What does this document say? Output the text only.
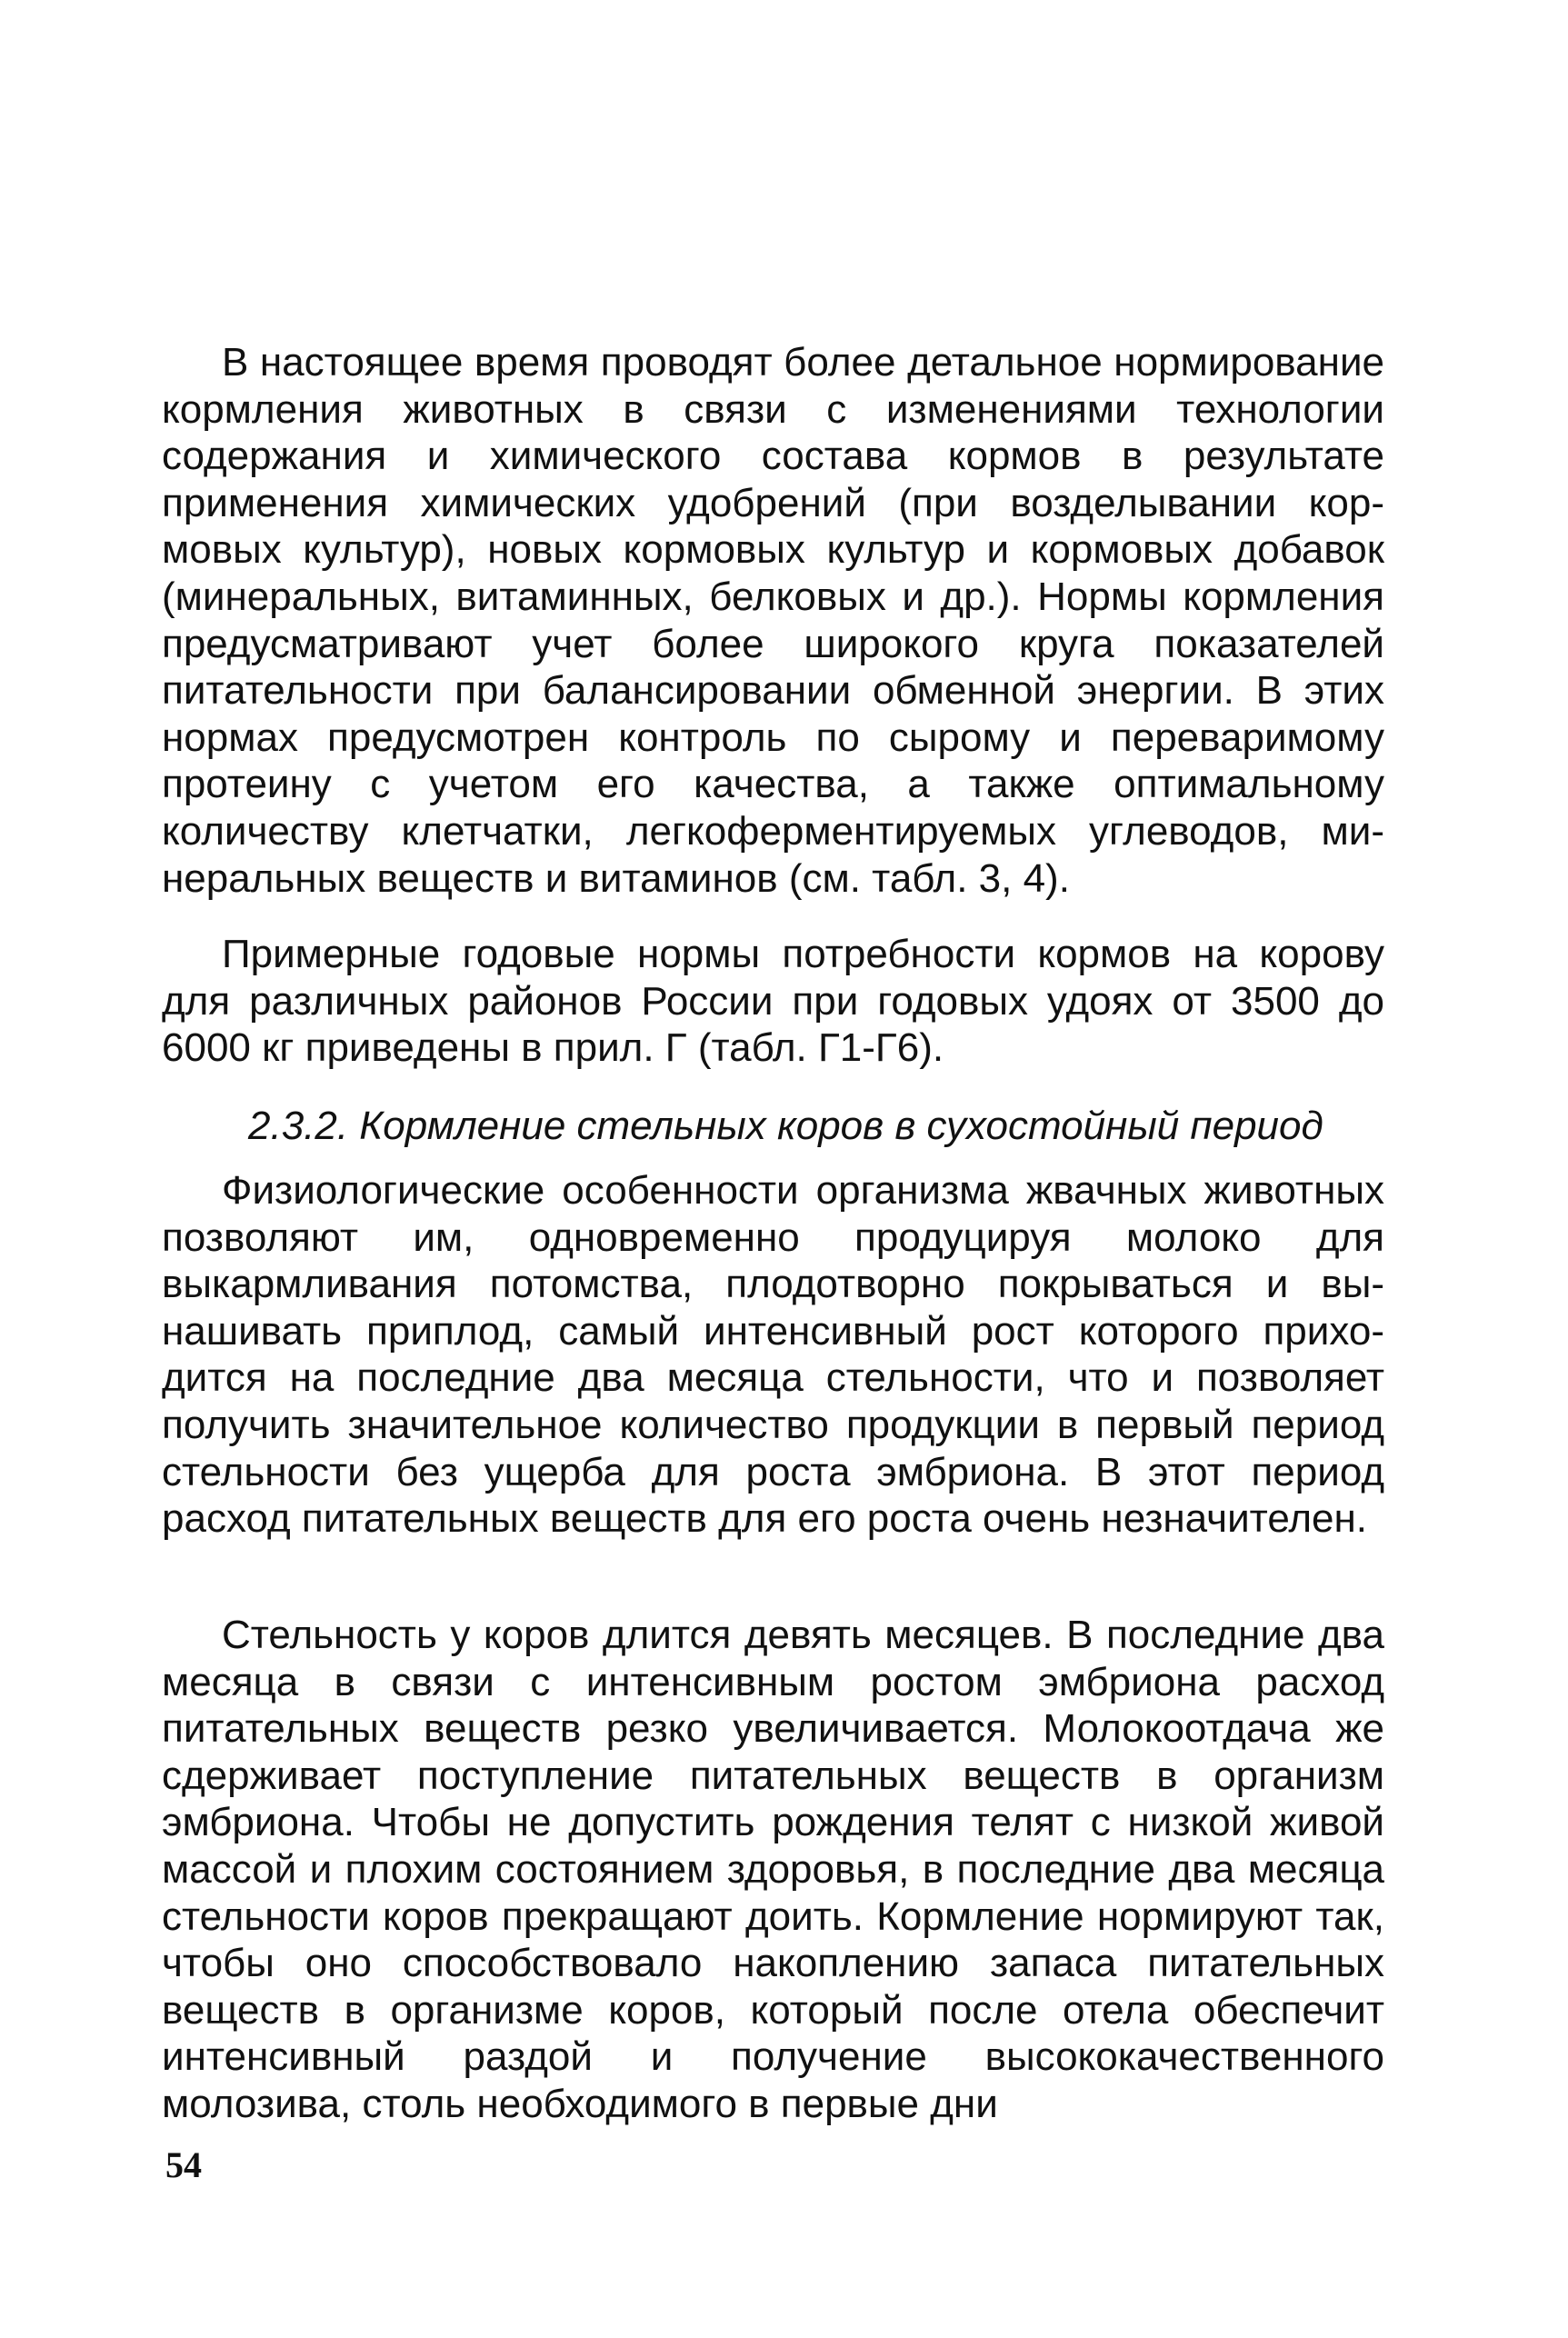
В настоящее время проводят более детальное нормирование кормления животных в связи с изменениями технологии содержания и химического состава кормов в результате применения химических удобрений (при возделывании кормовых культур), новых кормовых культур и кормовых добавок (минеральных, витаминных, белковых и др.). Нормы кормления предусматривают учет более широкого круга показателей питательности при балансировании обменной энергии. В этих нормах предусмотрен контроль по сырому и переваримому протеину с учетом его качества, а также оптимальному количеству клетчатки, легкоферментируемых углеводов, минеральных веществ и витаминов (см. табл. 3, 4).

Примерные годовые нормы потребности кормов на корову для различных районов России при годовых удоях от 3500 до 6000 кг приведены в прил. Г (табл. Г1-Г6).

2.3.2. Кормление стельных коров в сухостойный период

Физиологические особенности организма жвачных животных позволяют им, одновременно продуцируя молоко для выкармливания потомства, плодотворно покрываться и вынашивать приплод, самый интенсивный рост которого приходится на последние два месяца стельности, что и позволяет получить значительное количество продукции в первый период стельности без ущерба для роста эмбриона. В этот период расход питательных веществ для его роста очень незначителен.

Стельность у коров длится девять месяцев. В последние два месяца в связи с интенсивным ростом эмбриона расход питательных веществ резко увеличивается. Молокоотдача же сдерживает поступление питательных веществ в организм эмбриона. Чтобы не допустить рождения телят с низкой живой массой и плохим состоянием здоровья, в последние два месяца стельности коров прекращают доить. Кормление нормируют так, чтобы оно способствовало накоплению запаса питательных веществ в организме коров, который после отела обеспечит интенсивный раздой и получение высококачественного молозива, столь необходимого в первые дни

54
